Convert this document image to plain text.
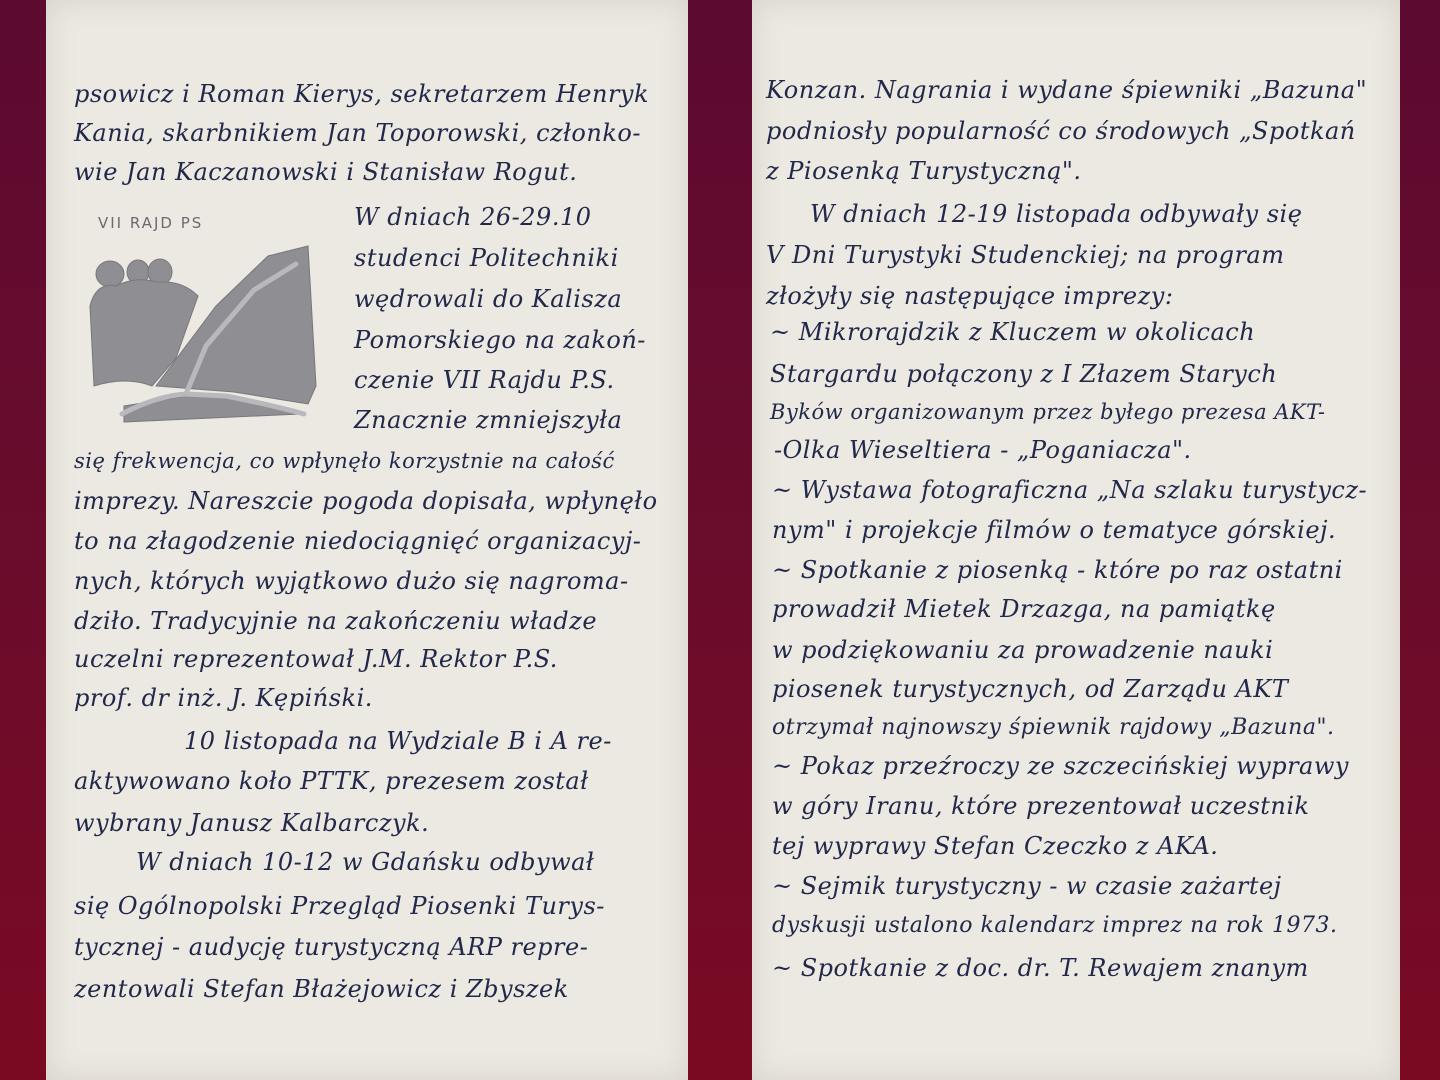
VII RAJD PS

psowicz i Roman Kierys, sekretarzem Henryk

Kania, skarbnikiem Jan Toporowski, członko-

wie Jan Kaczanowski i Stanisław Rogut.

W dniach 26-29.10

studenci Politechniki

wędrowali do Kalisza

Pomorskiego na zakoń-

czenie VII Rajdu P.S.

Znacznie zmniejszyła

się frekwencja, co wpłynęło korzystnie na całość

imprezy. Nareszcie pogoda dopisała, wpłynęło

to na złagodzenie niedociągnięć organizacyj-

nych, których wyjątkowo dużo się nagroma-

dziło. Tradycyjnie na zakończeniu władze

uczelni reprezentował J.M. Rektor P.S.

prof. dr inż. J. Kępiński.

10 listopada na Wydziale B i A re-

aktywowano koło PTTK, prezesem został

wybrany Janusz Kalbarczyk.

W dniach 10-12 w Gdańsku odbywał

się Ogólnopolski Przegląd Piosenki Turys-

tycznej - audycję turystyczną ARP repre-

zentowali Stefan Błażejowicz i Zbyszek

Konzan. Nagrania i wydane śpiewniki „Bazuna"

podniosły popularność co środowych „Spotkań

z Piosenką Turystyczną".

W dniach 12-19 listopada odbywały się

V Dni Turystyki Studenckiej; na program

złożyły się następujące imprezy:

~ Mikrorajdzik z Kluczem w okolicach

Stargardu połączony z I Złazem Starych

Byków organizowanym przez byłego prezesa AKT-

-Olka Wieseltiera - „Poganiacza".

~ Wystawa fotograficzna „Na szlaku turystycz-

nym" i projekcje filmów o tematyce górskiej.

~ Spotkanie z piosenką - które po raz ostatni

prowadził Mietek Drzazga, na pamiątkę

w podziękowaniu za prowadzenie nauki

piosenek turystycznych, od Zarządu AKT

otrzymał najnowszy śpiewnik rajdowy „Bazuna".

~ Pokaz przeźroczy ze szczecińskiej wyprawy

w góry Iranu, które prezentował uczestnik

tej wyprawy Stefan Czeczko z AKA.

~ Sejmik turystyczny - w czasie zażartej

dyskusji ustalono kalendarz imprez na rok 1973.

~ Spotkanie z doc. dr. T. Rewajem znanym
